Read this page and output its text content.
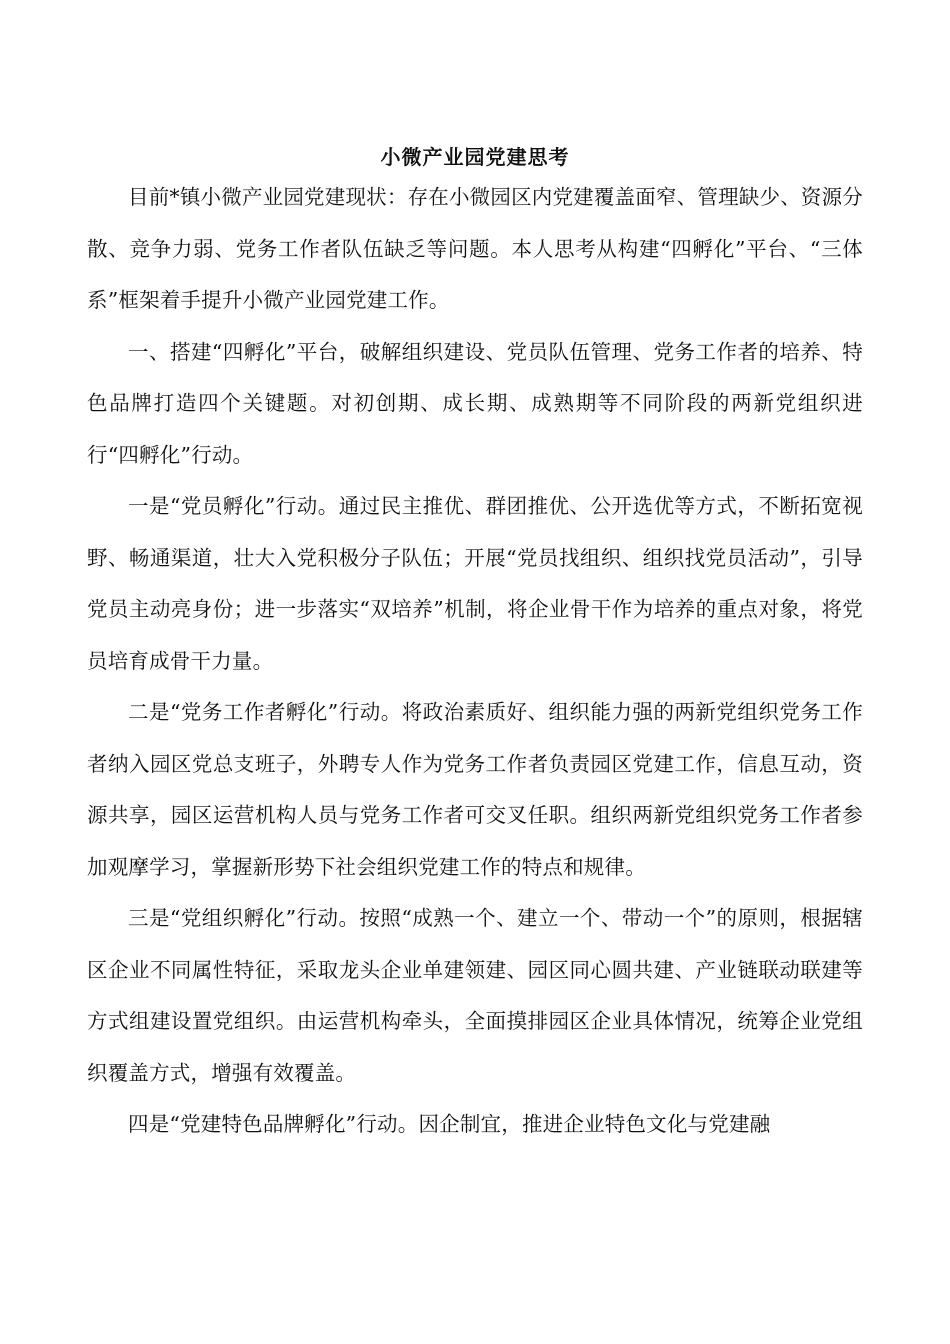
小微产业园党建思考

目前*镇小微产业园党建现状：存在小微园区内党建覆盖面窄、管理缺少、资源分散、竞争力弱、党务工作者队伍缺乏等问题。本人思考从构建“四孵化”平台、“三体系”框架着手提升小微产业园党建工作。

一、搭建“四孵化”平台，破解组织建设、党员队伍管理、党务工作者的培养、特色品牌打造四个关键题。对初创期、成长期、成熟期等不同阶段的两新党组织进行“四孵化”行动。

一是“党员孵化”行动。通过民主推优、群团推优、公开选优等方式，不断拓宽视野、畅通渠道，壮大入党积极分子队伍；开展“党员找组织、组织找党员活动”，引导党员主动亮身份；进一步落实“双培养”机制，将企业骨干作为培养的重点对象，将党员培育成骨干力量。

二是“党务工作者孵化”行动。将政治素质好、组织能力强的两新党组织党务工作者纳入园区党总支班子，外聘专人作为党务工作者负责园区党建工作，信息互动，资源共享，园区运营机构人员与党务工作者可交叉任职。组织两新党组织党务工作者参加观摩学习，掌握新形势下社会组织党建工作的特点和规律。

三是“党组织孵化”行动。按照“成熟一个、建立一个、带动一个”的原则，根据辖区企业不同属性特征，采取龙头企业单建领建、园区同心圆共建、产业链联动联建等方式组建设置党组织。由运营机构牵头，全面摸排园区企业具体情况，统筹企业党组织覆盖方式，增强有效覆盖。

四是“党建特色品牌孵化”行动。因企制宜，推进企业特色文化与党建融
